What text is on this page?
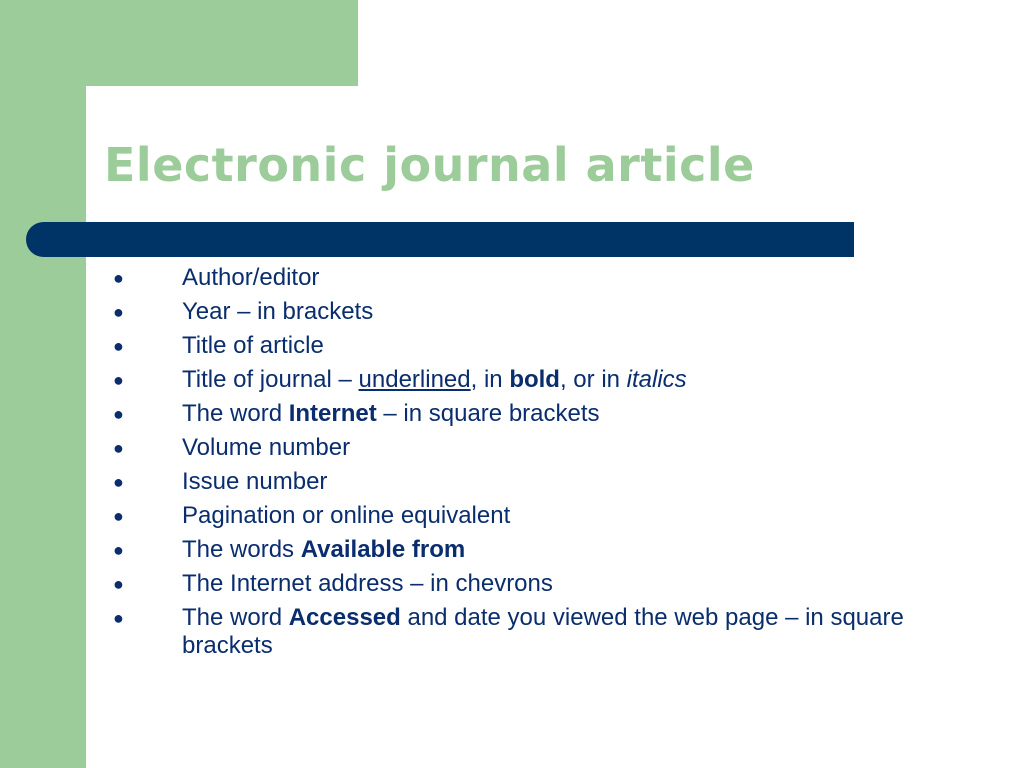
Electronic journal article
● Author/editor
● Year – in brackets
● Title of article
● Title of journal – underlined, in bold, or in italics
● The word Internet – in square brackets
● Volume number
● Issue number
● Pagination or online equivalent
● The words Available from
● The Internet address – in chevrons
● The word Accessed and date you viewed the web page – in square brackets
